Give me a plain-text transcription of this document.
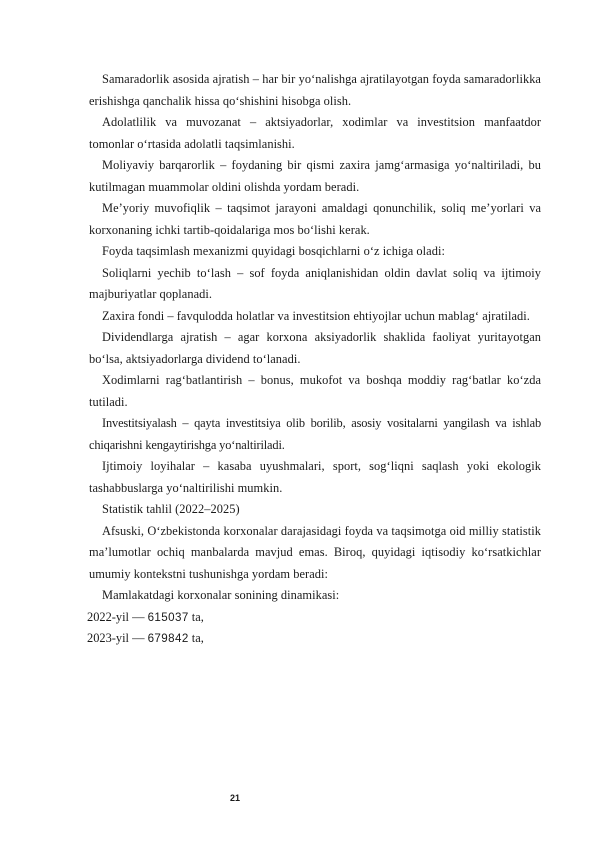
Samaradorlik asosida ajratish – har bir yo‘nalishga ajratilayotgan foyda samaradorlikka erishishga qanchalik hissa qo‘shishini hisobga olish.

Adolatlilik va muvozanat – aktsiyadorlar, xodimlar va investitsion manfaatdor tomonlar o‘rtasida adolatli taqsimlanishi.

Moliyaviy barqarorlik – foydaning bir qismi zaxira jamg‘armasiga yo‘naltiriladi, bu kutilmagan muammolar oldini olishda yordam beradi.

Me’yoriy muvofiqlik – taqsimot jarayoni amaldagi qonunchilik, soliq me’yorlari va korxonaning ichki tartib-qoidalariga mos bo‘lishi kerak.

Foyda taqsimlash mexanizmi quyidagi bosqichlarni o‘z ichiga oladi:

Soliqlarni yechib to‘lash – sof foyda aniqlanishidan oldin davlat soliq va ijtimoiy majburiyatlar qoplanadi.

Zaxira fondi – favqulodda holatlar va investitsion ehtiyojlar uchun mablag‘ ajratiladi.

Dividendlarga ajratish – agar korxona aksiyadorlik shaklida faoliyat yuritayotgan bo‘lsa, aktsiyadorlarga dividend to‘lanadi.

Xodimlarni rag‘batlantirish – bonus, mukofot va boshqa moddiy rag‘batlar ko‘zda tutiladi.

Investitsiyalash – qayta investitsiya olib borilib, asosiy vositalarni yangilash va ishlab chiqarishni kengaytirishga yo‘naltiriladi.

Ijtimoiy loyihalar – kasaba uyushmalari, sport, sog‘liqni saqlash yoki ekologik tashabbuslarga yo‘naltirilishi mumkin.

Statistik tahlil (2022–2025)

Afsuski, O‘zbekistonda korxonalar darajasidagi foyda va taqsimotga oid milliy statistik ma’lumotlar ochiq manbalarda mavjud emas. Biroq, quyidagi iqtisodiy ko‘rsatkichlar umumiy kontekstni tushunishga yordam beradi:

Mamlakatdagi korxonalar sonining dinamikasi:

2022-yil — 615037 ta,

2023-yil — 679842 ta,

21
